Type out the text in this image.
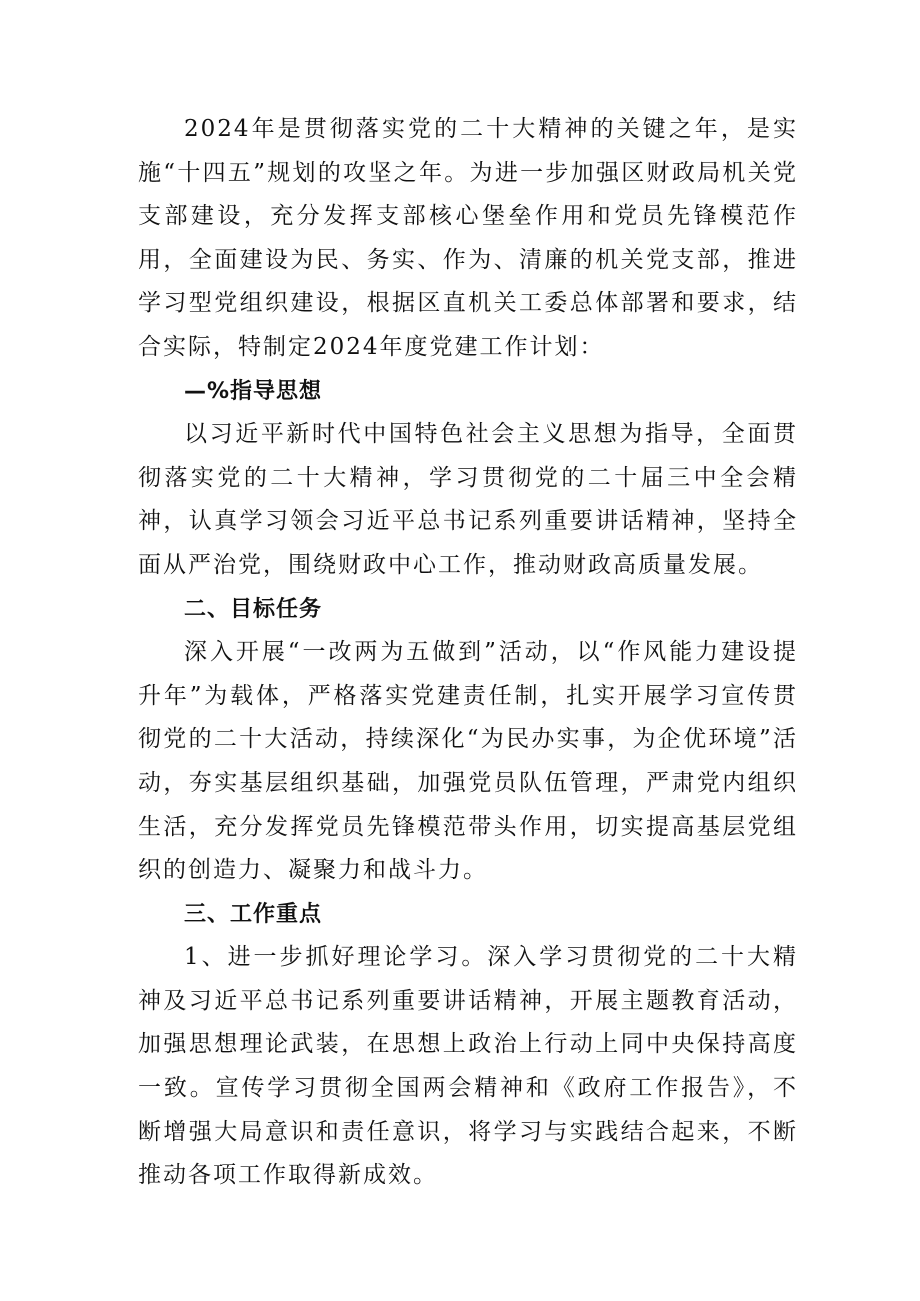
2024年是贯彻落实党的二十大精神的关键之年，是实施“十四五”规划的攻坚之年。为进一步加强区财政局机关党支部建设，充分发挥支部核心堡垒作用和党员先锋模范作用，全面建设为民、务实、作为、清廉的机关党支部，推进学习型党组织建设，根据区直机关工委总体部署和要求，结合实际，特制定2024年度党建工作计划：

—%指导思想

以习近平新时代中国特色社会主义思想为指导，全面贯彻落实党的二十大精神，学习贯彻党的二十届三中全会精神，认真学习领会习近平总书记系列重要讲话精神，坚持全面从严治党，围绕财政中心工作，推动财政高质量发展。

二、目标任务

深入开展“一改两为五做到”活动，以“作风能力建设提升年”为载体，严格落实党建责任制，扎实开展学习宣传贯彻党的二十大活动，持续深化“为民办实事，为企优环境”活动，夯实基层组织基础，加强党员队伍管理，严肃党内组织生活，充分发挥党员先锋模范带头作用，切实提高基层党组织的创造力、凝聚力和战斗力。

三、工作重点

1、进一步抓好理论学习。深入学习贯彻党的二十大精神及习近平总书记系列重要讲话精神，开展主题教育活动，加强思想理论武装，在思想上政治上行动上同中央保持高度一致。宣传学习贯彻全国两会精神和《政府工作报告》，不断增强大局意识和责任意识，将学习与实践结合起来，不断推动各项工作取得新成效。
